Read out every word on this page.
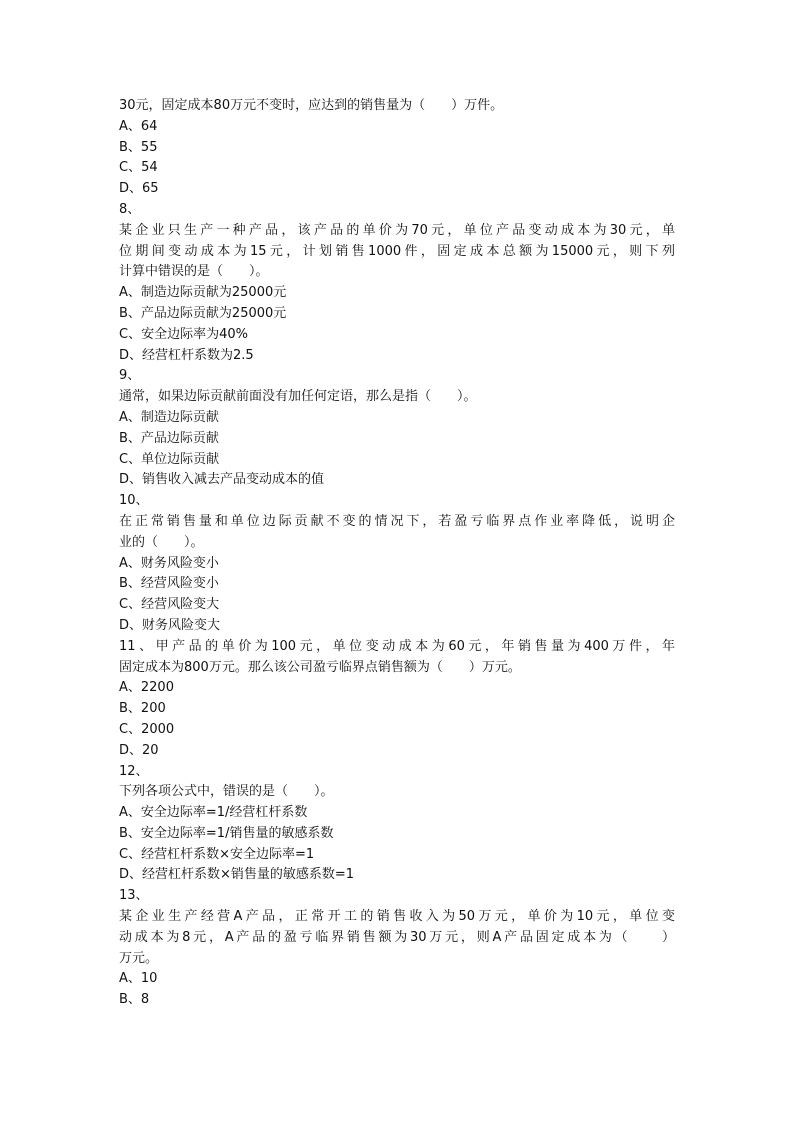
30元，固定成本80万元不变时，应达到的销售量为（　　）万件。

A、64

B、55

C、54

D、65

8、

某企业只生产一种产品，该产品的单价为70元，单位产品变动成本为30元，单

位期间变动成本为15元，计划销售1000件，固定成本总额为15000元，则下列

计算中错误的是（　　）。

A、制造边际贡献为25000元

B、产品边际贡献为25000元

C、安全边际率为40%

D、经营杠杆系数为2.5

9、

通常，如果边际贡献前面没有加任何定语，那么是指（　　）。

A、制造边际贡献

B、产品边际贡献

C、单位边际贡献

D、销售收入减去产品变动成本的值

10、

在正常销售量和单位边际贡献不变的情况下，若盈亏临界点作业率降低，说明企

业的（　　）。

A、财务风险变小

B、经营风险变小

C、经营风险变大

D、财务风险变大

11、甲产品的单价为100元，单位变动成本为60元，年销售量为400万件，年

固定成本为800万元。那么该公司盈亏临界点销售额为（　　）万元。

A、2200

B、200

C、2000

D、20

12、

下列各项公式中，错误的是（　　）。

A、安全边际率=1/经营杠杆系数

B、安全边际率=1/销售量的敏感系数

C、经营杠杆系数×安全边际率=1

D、经营杠杆系数×销售量的敏感系数=1

13、

某企业生产经营A产品，正常开工的销售收入为50万元，单价为10元，单位变

动成本为8元，A产品的盈亏临界销售额为30万元，则A产品固定成本为（　　）

万元。

A、10

B、8
